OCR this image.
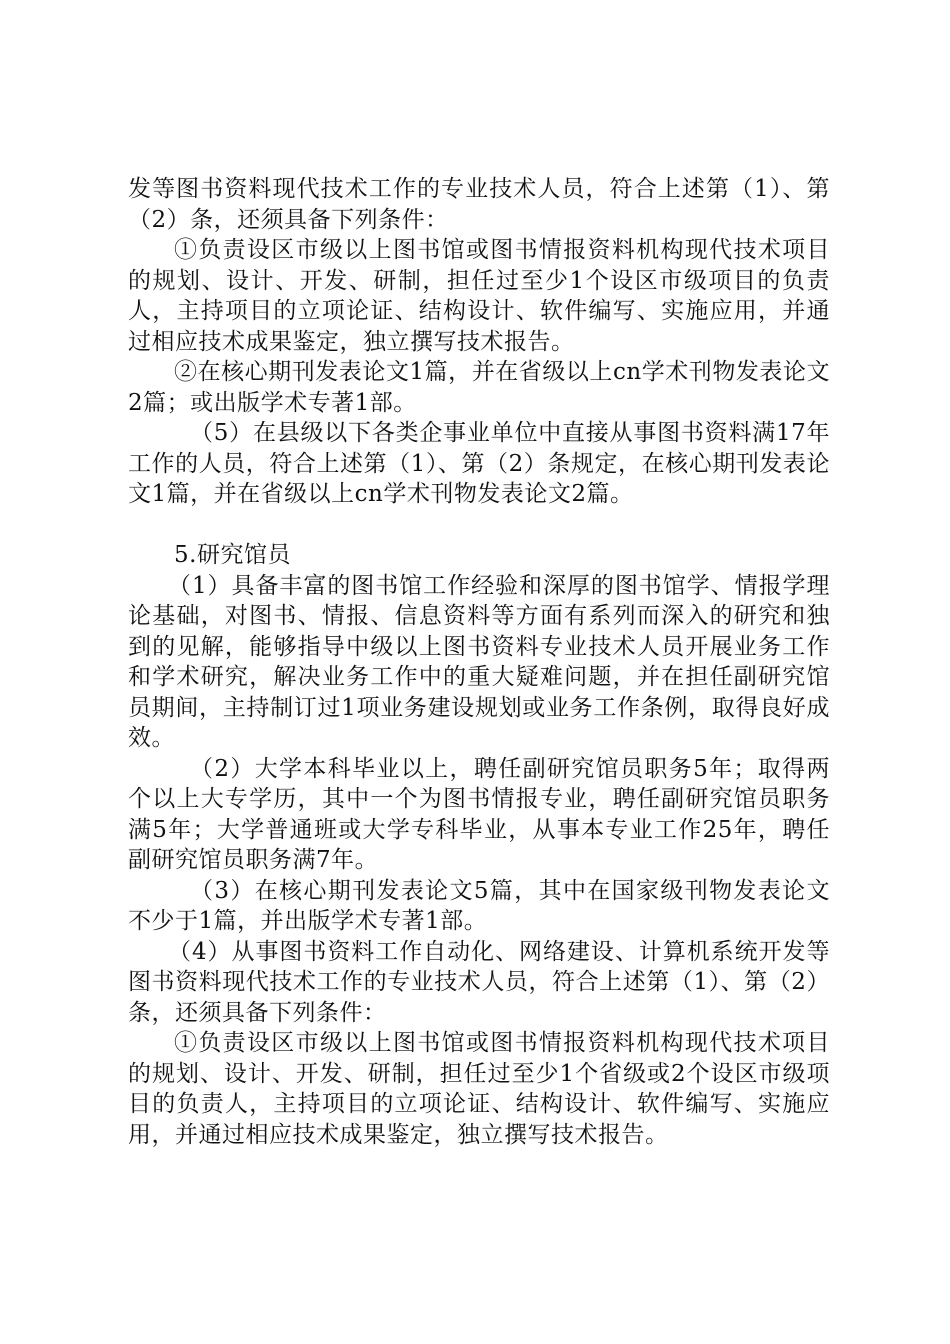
发等图书资料现代技术工作的专业技术人员，符合上述第（1）、第（2）条，还须具备下列条件：

①负责设区市级以上图书馆或图书情报资料机构现代技术项目的规划、设计、开发、研制，担任过至少1个设区市级项目的负责人，主持项目的立项论证、结构设计、软件编写、实施应用，并通过相应技术成果鉴定，独立撰写技术报告。

②在核心期刊发表论文1篇，并在省级以上cn学术刊物发表论文2篇；或出版学术专著1部。

（5）在县级以下各类企事业单位中直接从事图书资料满17年工作的人员，符合上述第（1）、第（2）条规定，在核心期刊发表论文1篇，并在省级以上cn学术刊物发表论文2篇。

5.研究馆员

（1）具备丰富的图书馆工作经验和深厚的图书馆学、情报学理论基础，对图书、情报、信息资料等方面有系列而深入的研究和独到的见解，能够指导中级以上图书资料专业技术人员开展业务工作和学术研究，解决业务工作中的重大疑难问题，并在担任副研究馆员期间，主持制订过1项业务建设规划或业务工作条例，取得良好成效。

（2）大学本科毕业以上，聘任副研究馆员职务5年；取得两个以上大专学历，其中一个为图书情报专业，聘任副研究馆员职务满5年；大学普通班或大学专科毕业，从事本专业工作25年，聘任副研究馆员职务满7年。

（3）在核心期刊发表论文5篇，其中在国家级刊物发表论文不少于1篇，并出版学术专著1部。

（4）从事图书资料工作自动化、网络建设、计算机系统开发等图书资料现代技术工作的专业技术人员，符合上述第（1）、第（2）条，还须具备下列条件：

①负责设区市级以上图书馆或图书情报资料机构现代技术项目的规划、设计、开发、研制，担任过至少1个省级或2个设区市级项目的负责人，主持项目的立项论证、结构设计、软件编写、实施应用，并通过相应技术成果鉴定，独立撰写技术报告。
